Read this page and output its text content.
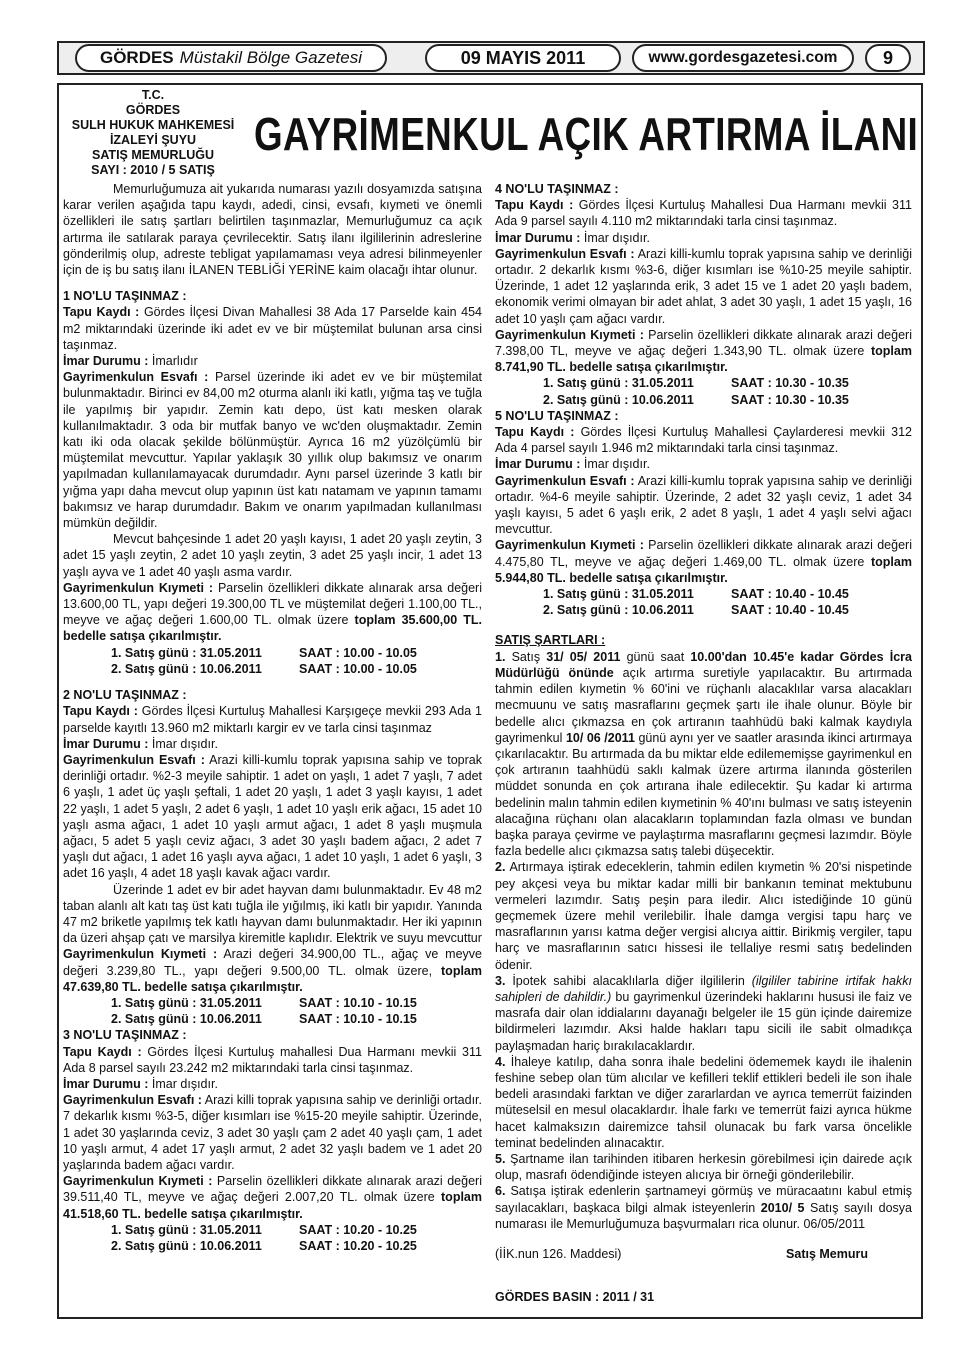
GÖRDES Müstakil Bölge Gazetesi	09 MAYIS 2011	www.gordesgazetesi.com	9
T.C.
GÖRDES
SULH HUKUK MAHKEMESİ
İZALEYİ ŞUYU
SATIŞ MEMURLUĞU
SAYI : 2010 / 5 SATIŞ
GAYRİMENKUL AÇIK ARTIRMA İLANI

Memurluğumuza ait yukarıda numarası yazılı dosyamızda satışına karar verilen aşağıda tapu kaydı, adedi, cinsi, evsafı, kıymeti ve önemli özellikleri ile satış şartları belirtilen taşınmazlar, Memurluğumuz ca açık artırma ile satılarak paraya çevrilecektir. Satış ilanı ilgililerinin adreslerine gönderilmiş olup, adreste tebligat yapılamaması veya adresi bilinmeyenler için de iş bu satış ilanı İLANEN TEBLİĞİ YERİNE kaim olacağı ihtar olunur.

1 NO'LU TAŞINMAZ :

Tapu Kaydı : Gördes İlçesi Divan Mahallesi 38 Ada 17 Parselde kain 454 m2 miktarındaki üzerinde iki adet ev ve bir müştemilat bulunan arsa cinsi taşınmaz.

İmar Durumu : İmarlıdır

Gayrimenkulun Esvafı : Parsel üzerinde iki adet ev ve bir müştemilat bulunmaktadır. Birinci ev 84,00 m2 oturma alanlı iki katlı, yığma taş ve tuğla ile yapılmış bir yapıdır. Zemin katı depo, üst katı mesken olarak kullanılmaktadır. 3 oda bir mutfak banyo ve wc'den oluşmaktadır. Zemin katı iki oda olacak şekilde bölünmüştür. Ayrıca 16 m2 yüzölçümlü bir müştemilat mevcuttur. Yapılar yaklaşık 30 yıllık olup bakımsız ve onarım yapılmadan kullanılamayacak durumdadır. Aynı parsel üzerinde 3 katlı bir yığma yapı daha mevcut olup yapının üst katı natamam ve yapının tamamı bakımsız ve harap durumdadır. Bakım ve onarım yapılmadan kullanılması mümkün değildir.

Mevcut bahçesinde 1 adet 20 yaşlı kayısı, 1 adet 20 yaşlı zeytin, 3 adet 15 yaşlı zeytin, 2 adet 10 yaşlı zeytin, 3 adet 25 yaşlı incir, 1 adet 13 yaşlı ayva ve 1 adet 40 yaşlı asma vardır.

Gayrimenkulun Kıymeti : Parselin özellikleri dikkate alınarak arsa değeri 13.600,00 TL, yapı değeri 19.300,00 TL ve müştemilat değeri 1.100,00 TL., meyve ve ağaç değeri 1.600,00 TL. olmak üzere toplam 35.600,00 TL. bedelle satışa çıkarılmıştır.

1. Satış günü : 31.05.2011	SAAT : 10.00 - 10.05
2. Satış günü : 10.06.2011	SAAT : 10.00 - 10.05

2 NO'LU TAŞINMAZ :

Tapu Kaydı : Gördes İlçesi Kurtuluş Mahallesi Karşıgeçe mevkii 293 Ada 1 parselde kayıtlı 13.960 m2 miktarlı kargir ev ve tarla cinsi taşınmaz

İmar Durumu : İmar dışıdır.

Gayrimenkulun Esvafı : Arazi killi-kumlu toprak yapısına sahip ve toprak derinliği ortadır. %2-3 meyile sahiptir. 1 adet on yaşlı, 1 adet 7 yaşlı, 7 adet 6 yaşlı, 1 adet üç yaşlı şeftali, 1 adet 20 yaşlı, 1 adet 3 yaşlı kayısı, 1 adet 22 yaşlı, 1 adet 5 yaşlı, 2 adet 6 yaşlı, 1 adet 10 yaşlı erik ağacı, 15 adet 10 yaşlı asma ağacı, 1 adet 10 yaşlı armut ağacı, 1 adet 8 yaşlı muşmula ağacı, 5 adet 5 yaşlı ceviz ağacı, 3 adet 30 yaşlı badem ağacı, 2 adet 7 yaşlı dut ağacı, 1 adet 16 yaşlı ayva ağacı, 1 adet 10 yaşlı, 1 adet 6 yaşlı, 3 adet 16 yaşlı, 4 adet 18 yaşlı kavak ağacı vardır.

Üzerinde 1 adet ev bir adet hayvan damı bulunmaktadır. Ev 48 m2 taban alanlı alt katı taş üst katı tuğla ile yığılmış, iki katlı bir yapıdır. Yanında 47 m2 briketle yapılmış tek katlı hayvan damı bulunmaktadır. Her iki yapının da üzeri ahşap çatı ve marsilya kiremitle kaplıdır. Elektrik ve suyu mevcuttur

Gayrimenkulun Kıymeti : Arazi değeri 34.900,00 TL., ağaç ve meyve değeri 3.239,80 TL., yapı değeri 9.500,00 TL. olmak üzere, toplam 47.639,80 TL. bedelle satışa çıkarılmıştır.

1. Satış günü : 31.05.2011	SAAT : 10.10 - 10.15
2. Satış günü : 10.06.2011	SAAT : 10.10 - 10.15

3 NO'LU TAŞINMAZ :

Tapu Kaydı : Gördes İlçesi Kurtuluş mahallesi Dua Harmanı mevkii 311 Ada 8 parsel sayılı 23.242 m2 miktarındaki tarla cinsi taşınmaz.

İmar Durumu : İmar dışıdır.

Gayrimenkulun Esvafı : Arazi killi toprak yapısına sahip ve derinliği ortadır. 7 dekarlık kısmı %3-5, diğer kısımları ise %15-20 meyile sahiptir. Üzerinde, 1 adet 30 yaşlarında ceviz, 3 adet 30 yaşlı çam 2 adet 40 yaşlı çam, 1 adet 10 yaşlı armut, 4 adet 17 yaşlı armut, 2 adet 32 yaşlı badem ve 1 adet 20 yaşlarında badem ağacı vardır.

Gayrimenkulun Kıymeti : Parselin özellikleri dikkate alınarak arazi değeri 39.511,40 TL, meyve ve ağaç değeri 2.007,20 TL. olmak üzere toplam 41.518,60 TL. bedelle satışa çıkarılmıştır.

1. Satış günü : 31.05.2011	SAAT : 10.20 - 10.25
2. Satış günü : 10.06.2011	SAAT : 10.20 - 10.25

4 NO'LU TAŞINMAZ :

Tapu Kaydı : Gördes İlçesi Kurtuluş Mahallesi Dua Harmanı mevkii 311 Ada 9 parsel sayılı 4.110 m2 miktarındaki tarla cinsi taşınmaz.

İmar Durumu : İmar dışıdır.

Gayrimenkulun Esvafı : Arazi killi-kumlu toprak yapısına sahip ve derinliği ortadır. 2 dekarlık kısmı %3-6, diğer kısımları ise %10-25 meyile sahiptir. Üzerinde, 1 adet 12 yaşlarında erik, 3 adet 15 ve 1 adet 20 yaşlı badem, ekonomik verimi olmayan bir adet ahlat, 3 adet 30 yaşlı, 1 adet 15 yaşlı, 16 adet 10 yaşlı çam ağacı vardır.

Gayrimenkulun Kıymeti : Parselin özellikleri dikkate alınarak arazi değeri 7.398,00 TL, meyve ve ağaç değeri 1.343,90 TL. olmak üzere toplam 8.741,90 TL. bedelle satışa çıkarılmıştır.

1. Satış günü : 31.05.2011	SAAT : 10.30 - 10.35
2. Satış günü : 10.06.2011	SAAT : 10.30 - 10.35

5 NO'LU TAŞINMAZ :

Tapu Kaydı : Gördes İlçesi Kurtuluş Mahallesi Çaylarderesi mevkii 312 Ada 4 parsel sayılı 1.946 m2 miktarındaki tarla cinsi taşınmaz.

İmar Durumu : İmar dışıdır.

Gayrimenkulun Esvafı : Arazi killi-kumlu toprak yapısına sahip ve derinliği ortadır. %4-6 meyile sahiptir. Üzerinde, 2 adet 32 yaşlı ceviz, 1 adet 34 yaşlı kayısı, 5 adet 6 yaşlı erik, 2 adet 8 yaşlı, 1 adet 4 yaşlı selvi ağacı mevcuttur.

Gayrimenkulun Kıymeti : Parselin özellikleri dikkate alınarak arazi değeri 4.475,80 TL, meyve ve ağaç değeri 1.469,00 TL. olmak üzere toplam 5.944,80 TL. bedelle satışa çıkarılmıştır.

1. Satış günü : 31.05.2011	SAAT : 10.40 - 10.45
2. Satış günü : 10.06.2011	SAAT : 10.40 - 10.45

SATIŞ ŞARTLARI :

1. Satış 31/ 05/ 2011 günü saat 10.00'dan 10.45'e kadar Gördes İcra Müdürlüğü önünde açık artırma suretiyle yapılacaktır. Bu artırmada tahmin edilen kıymetin % 60'ini ve rüçhanlı alacaklılar varsa alacakları mecmuunu ve satış masraflarını geçmek şartı ile ihale olunur. Böyle bir bedelle alıcı çıkmazsa en çok artıranın taahhüdü baki kalmak kaydıyla gayrimenkul 10/ 06 /2011 günü aynı yer ve saatler arasında ikinci artırmaya çıkarılacaktır. Bu artırmada da bu miktar elde edilememişse gayrimenkul en çok artıranın taahhüdü saklı kalmak üzere artırma ilanında gösterilen müddet sonunda en çok artırana ihale edilecektir. Şu kadar ki artırma bedelinin malın tahmin edilen kıymetinin % 40'ını bulması ve satış isteyenin alacağına rüçhanı olan alacakların toplamından fazla olması ve bundan başka paraya çevirme ve paylaştırma masraflarını geçmesi lazımdır. Böyle fazla bedelle alıcı çıkmazsa satış talebi düşecektir.

2. Artırmaya iştirak edeceklerin, tahmin edilen kıymetin % 20'si nispetinde pey akçesi veya bu miktar kadar milli bir bankanın teminat mektubunu vermeleri lazımdır. Satış peşin para iledir. Alıcı istediğinde 10 günü geçmemek üzere mehil verilebilir. İhale damga vergisi tapu harç ve masraflarının yarısı katma değer vergisi alıcıya aittir. Birikmiş vergiler, tapu harç ve masraflarının satıcı hissesi ile tellaliye resmi satış bedelinden ödenir.

3. İpotek sahibi alacaklılarla diğer ilgililerin (ilgililer tabirine irtifak hakkı sahipleri de dahildir.) bu gayrimenkul üzerindeki haklarını hususi ile faiz ve masrafa dair olan iddialarını dayanağı belgeler ile 15 gün içinde dairemize bildirmeleri lazımdır. Aksi halde hakları tapu sicili ile sabit olmadıkça paylaşmadan hariç bırakılacaklardır.

4. İhaleye katılıp, daha sonra ihale bedelini ödememek kaydı ile ihalenin feshine sebep olan tüm alıcılar ve kefilleri teklif ettikleri bedeli ile son ihale bedeli arasındaki farktan ve diğer zararlardan ve ayrıca temerrüt faizinden müteselsil en mesul olacaklardır. İhale farkı ve temerrüt faizi ayrıca hükme hacet kalmaksızın dairemizce tahsil olunacak bu fark varsa öncelikle teminat bedelinden alınacaktır.

5. Şartname ilan tarihinden itibaren herkesin görebilmesi için dairede açık olup, masrafı ödendiğinde isteyen alıcıya bir örneği gönderilebilir.

6. Satışa iştirak edenlerin şartnameyi görmüş ve müracaatını kabul etmiş sayılacakları, başkaca bilgi almak isteyenlerin 2010/ 5 Satış sayılı dosya numarası ile Memurluğumuza başvurmaları rica olunur. 06/05/2011

(İİK.nun 126. Maddesi)	Satış Memuru
GÖRDES BASIN : 2011 / 31
